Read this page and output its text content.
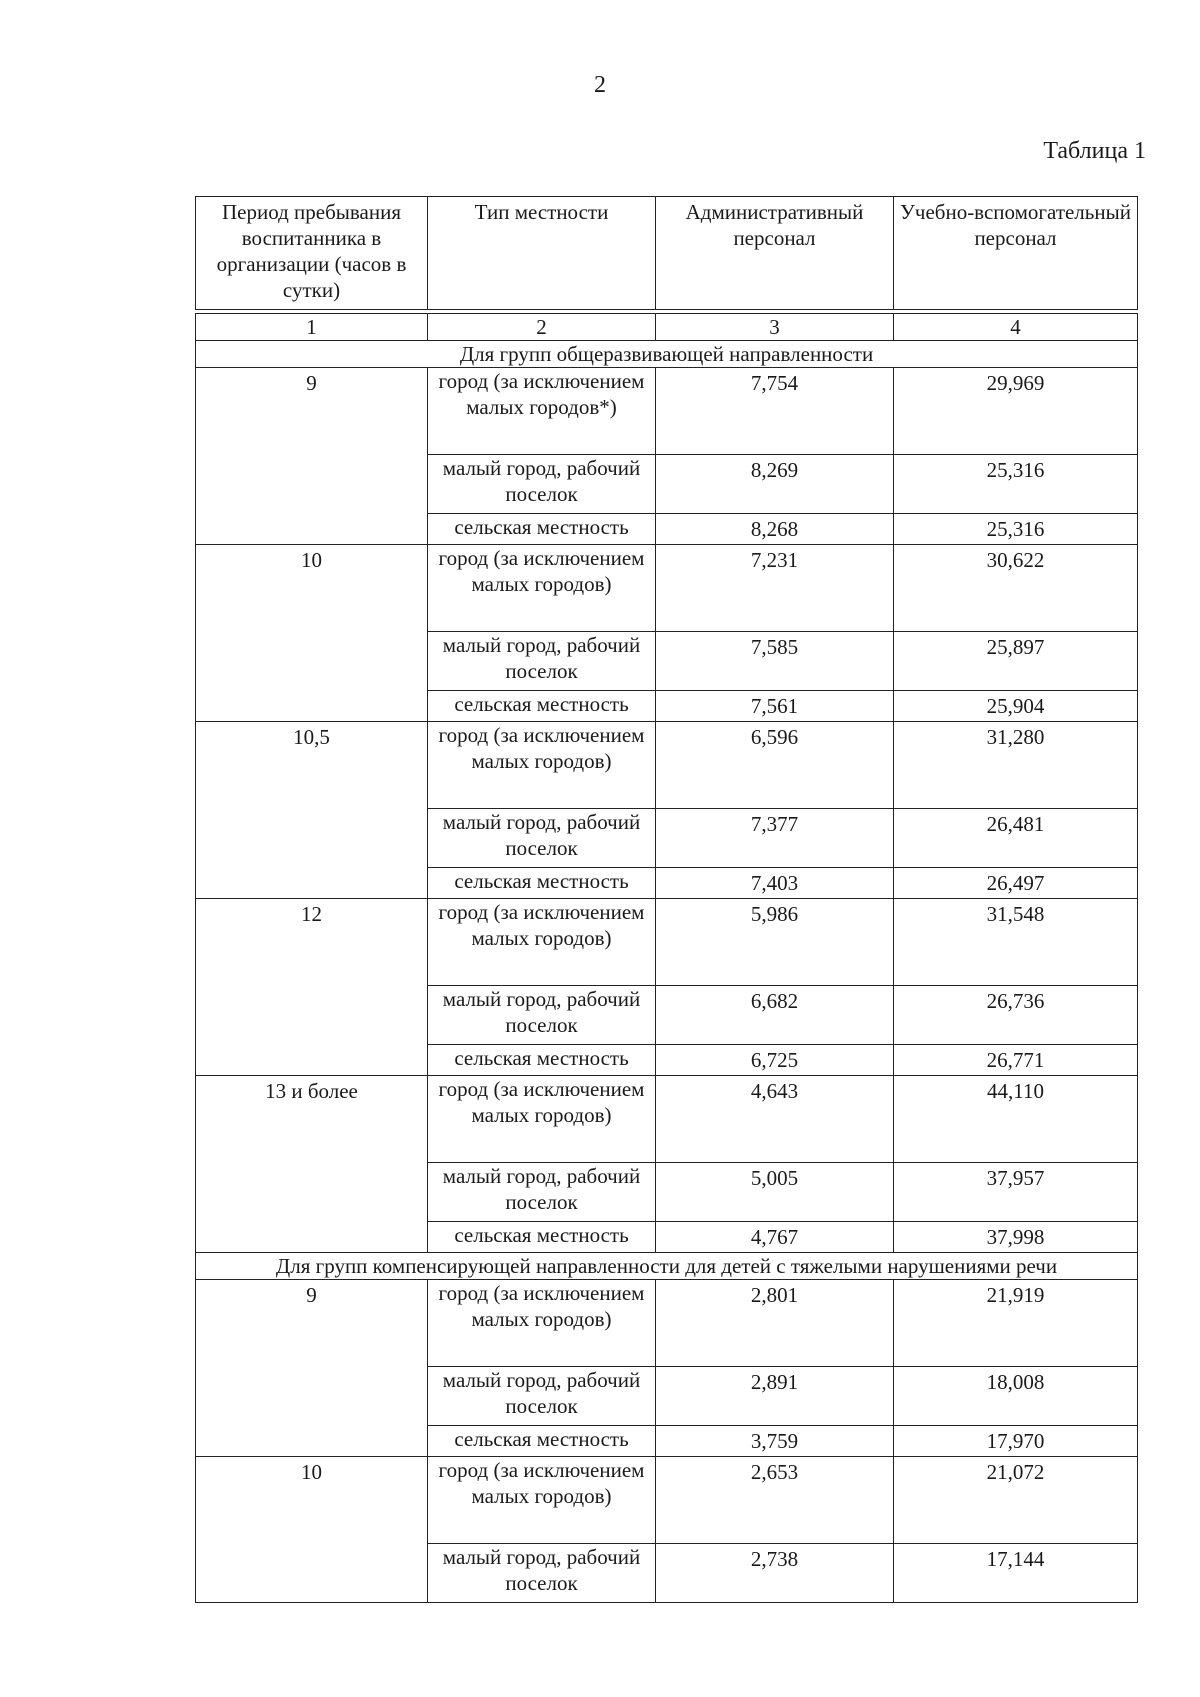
2
Таблица 1
Период пребывания воспитанника в организации (часов в сутки)	Тип местности	Административный персонал	Учебно-вспомогательный персонал

1	2	3	4
Для групп общеразвивающей направленности			
9	город (за исключением малых городов*)	7,754	29,969
	малый город, рабочий поселок	8,269	25,316
	сельская местность	8,268	25,316
10	город (за исключением малых городов)	7,231	30,622
	малый город, рабочий поселок	7,585	25,897
	сельская местность	7,561	25,904
10,5	город (за исключением малых городов)	6,596	31,280
	малый город, рабочий поселок	7,377	26,481
	сельская местность	7,403	26,497
12	город (за исключением малых городов)	5,986	31,548
	малый город, рабочий поселок	6,682	26,736
	сельская местность	6,725	26,771
13 и более	город (за исключением малых городов)	4,643	44,110
	малый город, рабочий поселок	5,005	37,957
	сельская местность	4,767	37,998
Для групп компенсирующей направленности для детей с тяжелыми нарушениями речи			
9	город (за исключением малых городов)	2,801	21,919
	малый город, рабочий поселок	2,891	18,008
	сельская местность	3,759	17,970
10	город (за исключением малых городов)	2,653	21,072
	малый город, рабочий поселок	2,738	17,144
